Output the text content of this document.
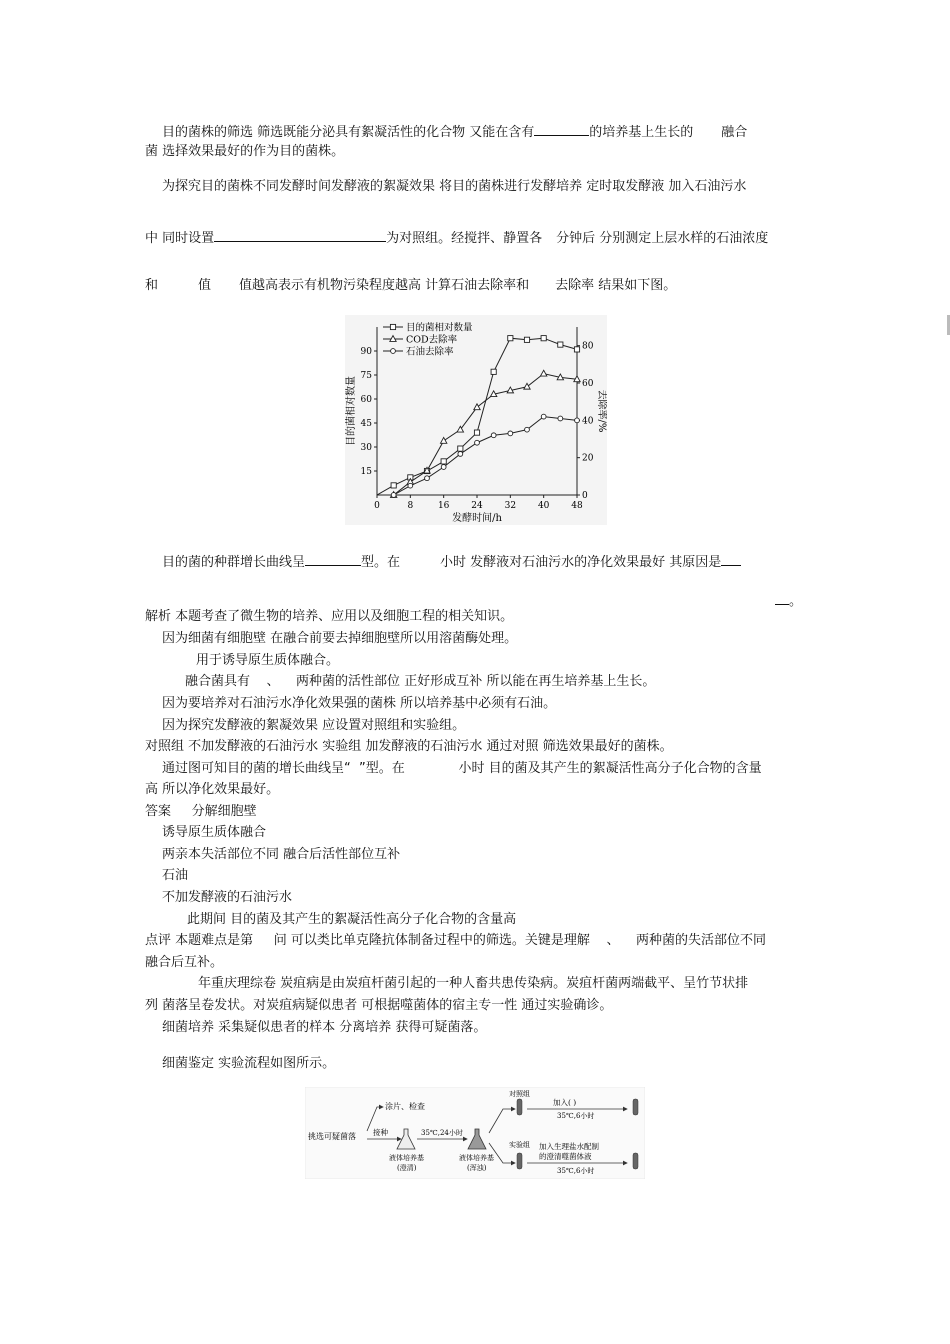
目的菌株的筛选 筛选既能分泌具有絮凝活性的化合物 又能在含有	的培养基上生长的 融合
菌 选择效果最好的作为目的菌株。
为探究目的菌株不同发酵时间发酵液的絮凝效果 将目的菌株进行发酵培养 定时取发酵液 加入石油污水
中 同时设置	为对照组。经搅拌、静置各 分钟后 分别测定上层水样的石油浓度
和	值 值越高表示有机物污染程度越高 计算石油去除率和 去除率 结果如下图。
0	8	16 24 32 40 48
15
30
45
60
75
90
0
20
40
60
80
发酵时间/h
目的菌相对数量	去除率/%
目的菌相对数量
COD去除率
石油去除率
目的菌的种群增长曲线呈	型。在	小时 发酵液对石油污水的净化效果最好 其原因是
。
解析 本题考查了微生物的培养、应用以及细胞工程的相关知识。
因为细菌有细胞壁 在融合前要去掉细胞壁所以用溶菌酶处理。
用于诱导原生质体融合。
融合菌具有    、    两种菌的活性部位 正好形成互补 所以能在再生培养基上生长。
因为要培养对石油污水净化效果强的菌株 所以培养基中必须有石油。
因为探究发酵液的絮凝效果 应设置对照组和实验组。
对照组 不加发酵液的石油污水 实验组 加发酵液的石油污水 通过对照 筛选效果最好的菌株。
通过图可知目的菌的增长曲线呈“  ”型。在             小时 目的菌及其产生的絮凝活性高分子化合物的含量
高 所以净化效果最好。
答案     分解细胞壁
诱导原生质体融合
两亲本失活部位不同 融合后活性部位互补
石油
不加发酵液的石油污水
此期间 目的菌及其产生的絮凝活性高分子化合物的含量高
点评 本题难点是第     问 可以类比单克隆抗体制备过程中的筛选。关键是理解    、    两种菌的失活部位不同
融合后互补。
年重庆理综卷 炭疽病是由炭疽杆菌引起的一种人畜共患传染病。炭疽杆菌两端截平、呈竹节状排
列 菌落呈卷发状。对炭疽病疑似患者 可根据噬菌体的宿主专一性 通过实验确诊。
细菌培养 采集疑似患者的样本 分离培养 获得可疑菌落。
细菌鉴定 实验流程如图所示。
挑选可疑菌落
涂片、检查
接种
液体培养基
(澄清)
35℃,24小时
液体培养基
(浑浊)
对照组
加入( )
35℃,6小时
实验组 加入生理盐水配制
的澄清噬菌体液
35℃,6小时
